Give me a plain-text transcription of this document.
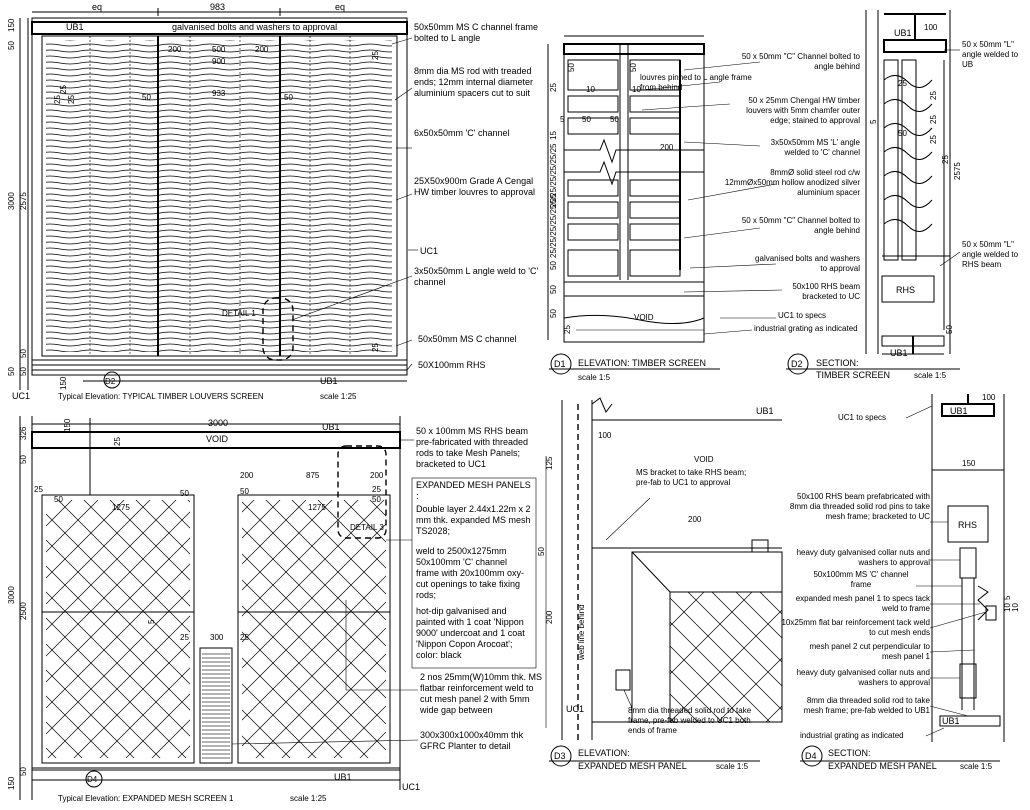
eq	983	eq
UB1
50
150
3000 2575
50
50 50
200	500
900
200
50	933	50
25
25
25
25
25
DETAIL 1
D2	UB1
UC1
150
Typical Elevation: TYPICAL TIMBER LOUVERS SCREEN	scale 1:25
galvanised bolts and washers to approval	50x50mm MS C channel frame bolted to L angle
8mm dia MS rod with treaded ends; 12mm internal diameter aluminium spacers cut to suit
6x50x50mm 'C' channel
25X50x900m Grade A Cengal HW timber louvres to approval
UC1
3x50x50mm L angle weld to 'C' channel
50x50mm MS C channel
50X100mm RHS
50	50
25	10	10
5 50 50
15
200
25/25/25/25/25/25
25/25/25/25/25/25
50
50
50
25
VOID
50 x 50mm "C" Channel bolted to angle behind
louvres pinned to L angle frame from behind
50 x 25mm Chengal HW timber louvers with 5mm chamfer outer edge; stained to approval
3x50x50mm MS 'L' angle welded to 'C' channel
8mmØ solid steel rod c/w 12mmØx50mm hollow anodized silver aluminium spacer
50 x 50mm "C" Channel bolted to angle behind
galvanised bolts and washers to approval
50x100 RHS beam bracketed to UC
UC1 to specs
industrial grating as indicated
D1 ELEVATION: TIMBER SCREEN
scale 1:5
UB1
100
25
25
25
25
50
5
25
2575
50
RHS
UB1
50 x 50mm "L" angle welded to UB
50 x 50mm "L" angle welded to RHS beam
D2 SECTION:
TIMBER SCREEN	scale 1:5
3000
VOID
UB1
326
50
3000
2500
150
50
150
25
50
1275
50
200	875	200
25
50
1275
50
5
25	300 25
25
DETAIL 3
D4	UB1
UC1
Typical Elevation: EXPANDED MESH SCREEN 1	scale 1:25
50 x 100mm MS RHS beam pre-fabricated with threaded rods to take Mesh Panels; bracketed to UC1
EXPANDED MESH PANELS :
Double layer 2.44x1.22m x 2 mm thk. expanded MS mesh TS2028;
weld to 2500x1275mm 50x100mm 'C' channel frame with 20x100mm oxy-cut openings to take fixing rods;
hot-dip galvanised and painted with 1 coat 'Nippon 9000' undercoat and 1 coat 'Nippon Copon Arocoat'; color: black
2 nos 25mm(W)10mm thk. MS flatbar reinforcement weld to cut mesh panel 2 with 5mm wide gap between
300x300x1000x40mm thk GFRC Planter to detail
UB1
VOID
100
125
200
50
200	web line behind
UC1
MS bracket to take RHS beam; pre-fab to UC1 to approval
8mm dia threaded solid rod to take frame, pre-fab welded to UC1 both ends of frame
D3 ELEVATION:
EXPANDED MESH PANEL	scale 1:5
UB1
100
150
RHS
10
5
10
UB1
UC1 to specs
50x100 RHS beam prefabricated with 8mm dia threaded solid rod pins to take mesh frame; bracketed to UC
heavy duty galvanised collar nuts and washers to approval
50x100mm MS 'C' channel frame
expanded mesh panel 1 to specs tack weld to frame
10x25mm flat bar reinforcement tack weld to cut mesh ends
mesh panel 2 cut perpendicular to mesh panel 1
heavy duty galvanised collar nuts and washers to approval
8mm dia threaded solid rod to take mesh frame; pre-fab welded to UB1
industrial grating as indicated
D4 SECTION:
EXPANDED MESH PANEL	scale 1:5
